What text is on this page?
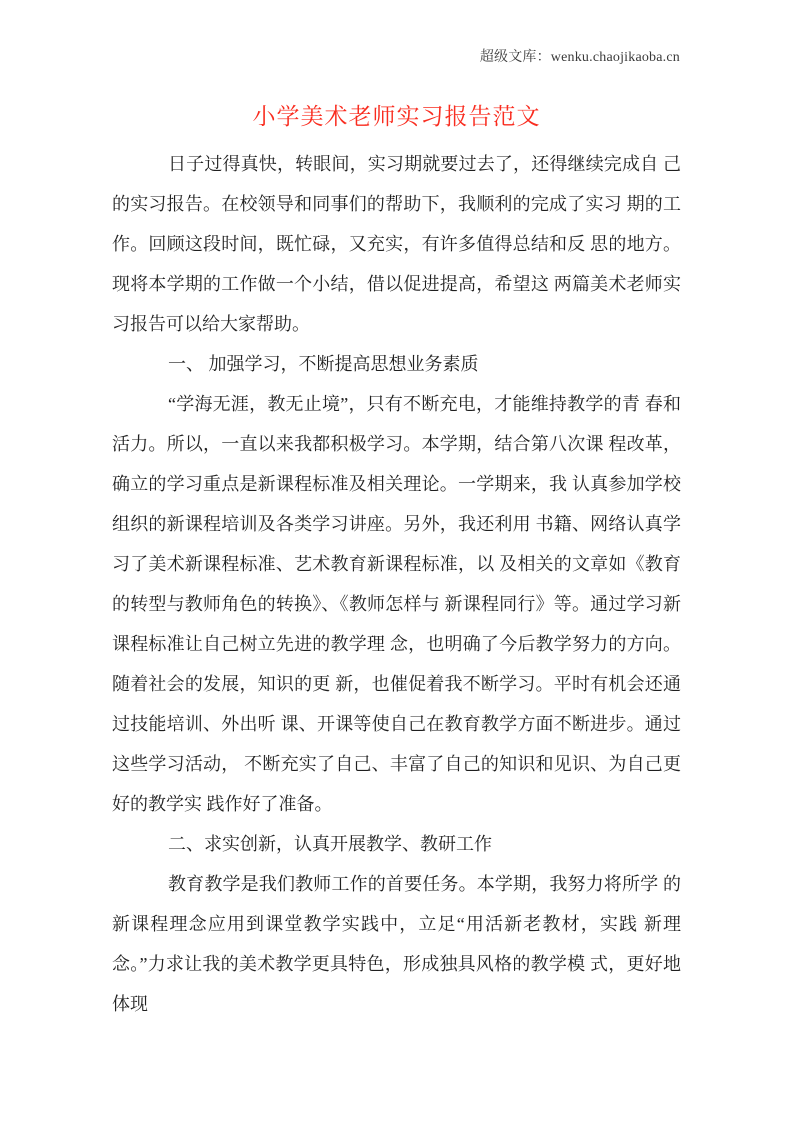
超级文库：wenku.chaojikaoba.cn
小学美术老师实习报告范文

日子过得真快，转眼间，实习期就要过去了，还得继续完成自 己的实习报告。在校领导和同事们的帮助下，我顺利的完成了实习 期的工作。回顾这段时间，既忙碌，又充实，有许多值得总结和反 思的地方。现将本学期的工作做一个小结，借以促进提高，希望这 两篇美术老师实习报告可以给大家帮助。

一、 加强学习，不断提高思想业务素质

“学海无涯，教无止境”，只有不断充电，才能维持教学的青 春和活力。所以，一直以来我都积极学习。本学期，结合第八次课 程改革，确立的学习重点是新课程标准及相关理论。一学期来，我 认真参加学校组织的新课程培训及各类学习讲座。另外，我还利用 书籍、网络认真学习了美术新课程标准、艺术教育新课程标准，以 及相关的文章如《教育的转型与教师角色的转换》、《教师怎样与 新课程同行》等。通过学习新课程标准让自己树立先进的教学理 念，也明确了今后教学努力的方向。随着社会的发展，知识的更 新，也催促着我不断学习。平时有机会还通过技能培训、外出听 课、开课等使自己在教育教学方面不断进步。通过这些学习活动， 不断充实了自己、丰富了自己的知识和见识、为自己更好的教学实 践作好了准备。

二、求实创新，认真开展教学、教研工作

教育教学是我们教师工作的首要任务。本学期，我努力将所学 的新课程理念应用到课堂教学实践中，立足“用活新老教材，实践 新理念。”力求让我的美术教学更具特色，形成独具风格的教学模 式，更好地体现
